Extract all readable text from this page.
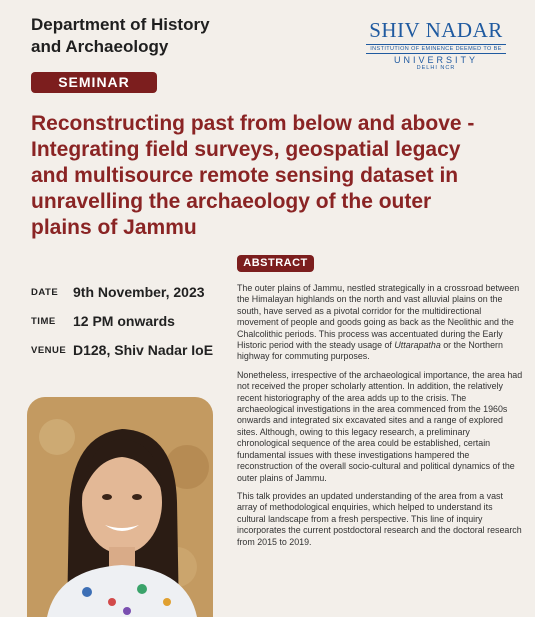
Department of History
and Archaeology
SHIV NADAR
INSTITUTION OF EMINENCE DEEMED TO BE
UNIVERSITY
DELHI NCR
SEMINAR
Reconstructing past from below and above -
Integrating field surveys, geospatial legacy
and multisource remote sensing dataset in
unravelling the archaeology of the outer
plains of Jammu
DATE 9th November, 2023
TIME 12 PM onwards
VENUE D128, Shiv Nadar IoE
ABSTRACT

The outer plains of Jammu, nestled strategically in a crossroad between the Himalayan highlands on the north and vast alluvial plains on the south, have served as a pivotal corridor for the multidirectional movement of people and goods going as back as the Neolithic and the Chalcolithic periods. This process was accentuated during the Early Historic period with the steady usage of Uttarapatha or the Northern highway for commuting purposes.

Nonetheless, irrespective of the archaeological importance, the area had not received the proper scholarly attention. In addition, the relatively recent historiography of the area adds up to the crisis. The archaeological investigations in the area commenced from the 1960s onwards and integrated six excavated sites and a range of explored sites. Although, owing to this legacy research, a preliminary chronological sequence of the area could be established, certain fundamental issues with these investigations hampered the reconstruction of the overall socio-cultural and political dynamics of the outer plains of Jammu.

This talk provides an updated understanding of the area from a vast array of methodological enquiries, which helped to understand its cultural landscape from a fresh perspective. This line of inquiry incorporates the current postdoctoral research and the doctoral research from 2015 to 2019.
